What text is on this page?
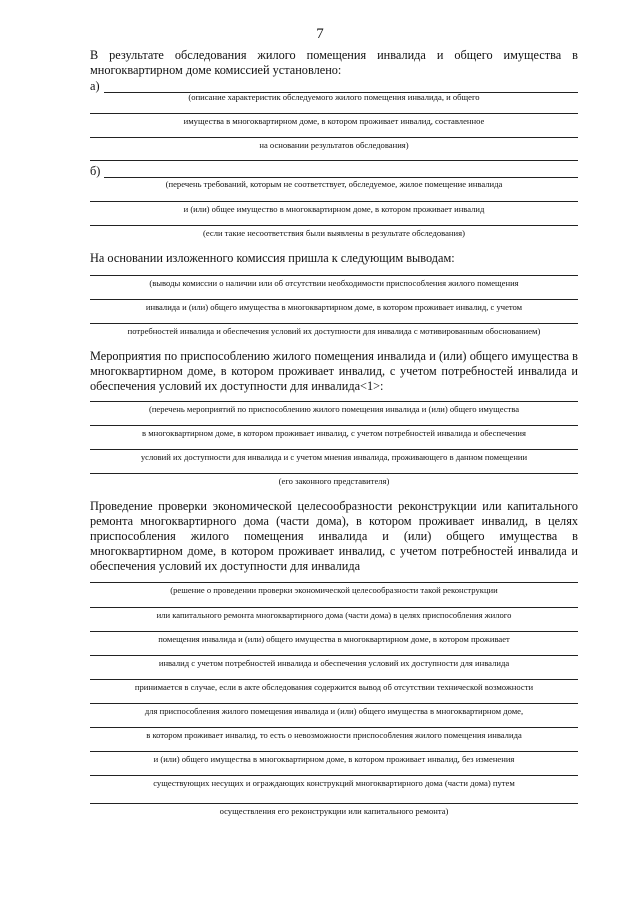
7
В результате обследования жилого помещения инвалида и общего имущества в многоквартирном доме комиссией установлено:
а)
(описание характеристик обследуемого жилого помещения инвалида, и общего
имущества в многоквартирном доме, в котором проживает инвалид, составленное
на основании результатов обследования)
б)
(перечень требований, которым не соответствует, обследуемое, жилое помещение инвалида
и (или) общее имущество в многоквартирном доме, в котором проживает инвалид
(если такие несоответствия были выявлены в результате обследования)
На основании изложенного комиссия пришла к следующим выводам:
(выводы комиссии о наличии или об отсутствии необходимости приспособления жилого помещения
инвалида и (или) общего имущества в многоквартирном доме, в котором проживает инвалид, с учетом
потребностей инвалида и обеспечения условий их доступности для инвалида с мотивированным обоснованием)
Мероприятия по приспособлению жилого помещения инвалида и (или) общего имущества в многоквартирном доме, в котором проживает инвалид, с учетом потребностей инвалида и обеспечения условий их доступности для инвалида<1>:
(перечень мероприятий по приспособлению жилого помещения инвалида и (или) общего имущества
в многоквартирном доме, в котором проживает инвалид, с учетом потребностей инвалида и обеспечения
условий их доступности для инвалида и с учетом мнения инвалида, проживающего в данном помещении
(его законного представителя)
Проведение проверки экономической целесообразности реконструкции или капитального ремонта многоквартирного дома (части дома), в котором проживает инвалид, в целях приспособления жилого помещения инвалида и (или) общего имущества в многоквартирном доме, в котором проживает инвалид, с учетом потребностей инвалида и обеспечения условий их доступности для инвалида
(решение о проведении проверки экономической целесообразности такой реконструкции
или капитального ремонта многоквартирного дома (части дома) в целях приспособления жилого
помещения инвалида и (или) общего имущества в многоквартирном доме, в котором проживает
инвалид с учетом потребностей инвалида и обеспечения условий их доступности для инвалида
принимается в случае, если в акте обследования содержится вывод об отсутствии технической возможности
для приспособления жилого помещения инвалида и (или) общего имущества в многоквартирном доме,
в котором проживает инвалид, то есть о невозможности приспособления жилого помещения инвалида
и (или) общего имущества в многоквартирном доме, в котором проживает инвалид, без изменения
существующих несущих и ограждающих конструкций многоквартирного дома (части дома) путем
осуществления его реконструкции или капитального ремонта)
